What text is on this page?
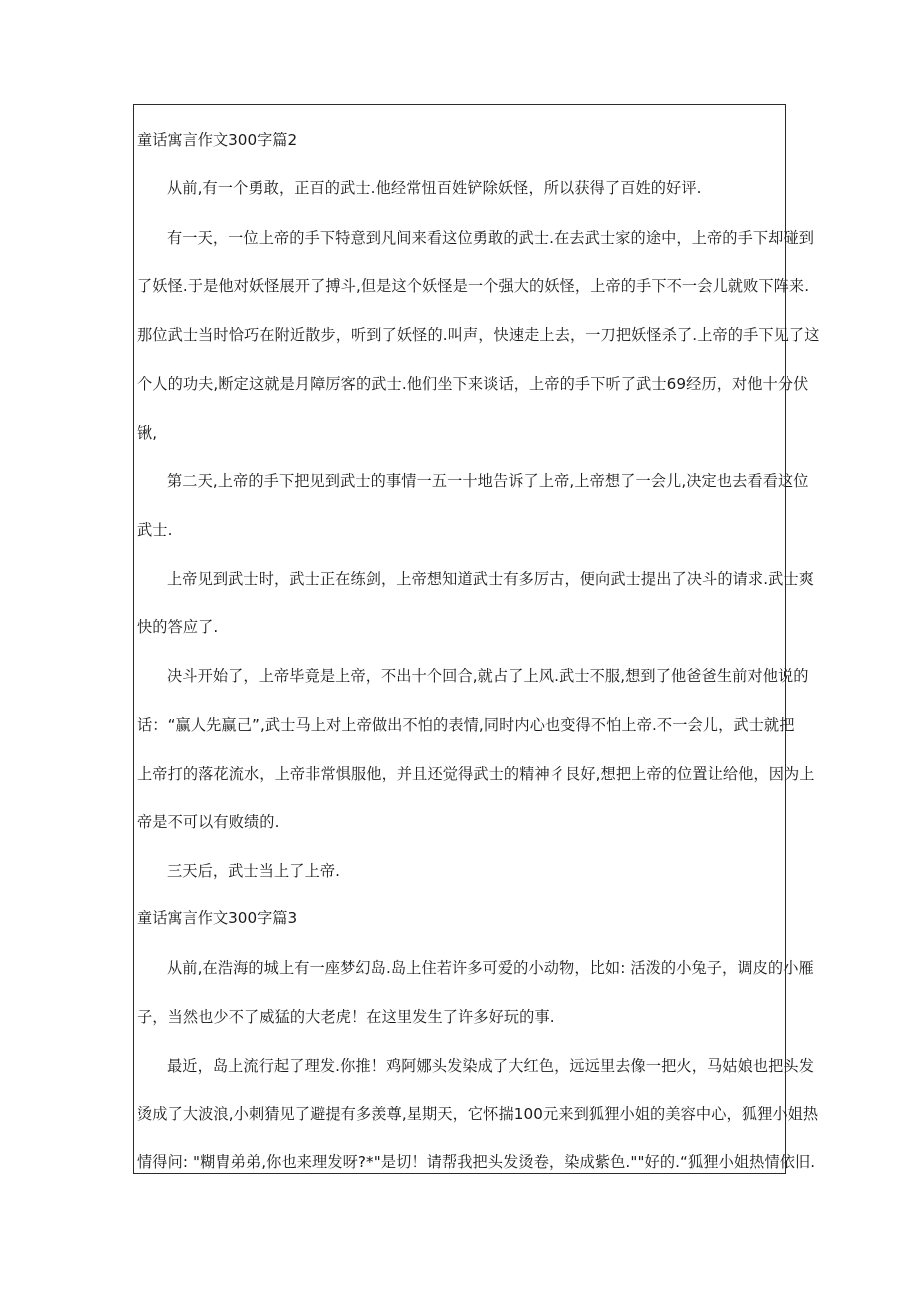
童话寓言作文300字篇2
从前,有一个勇敢，正百的武士.他经常忸百姓铲除妖怪，所以获得了百姓的好评.
有一天，一位上帝的手下特意到凡间来看这位勇敢的武士.在去武士家的途中，上帝的手下却碰到
了妖怪.于是他对妖怪展开了搏斗,但是这个妖怪是一个强大的妖怪，上帝的手下不一会儿就败下阵来.
那位武士当时恰巧在附近散步，听到了妖怪的.叫声，快速走上去，一刀把妖怪杀了.上帝的手下见了这
个人的功夫,断定这就是月障厉客的武士.他们坐下来谈话，上帝的手下听了武士69经历，对他十分伏
锹,
第二天,上帝的手下把见到武士的事情一五一十地告诉了上帝,上帝想了一会儿,决定也去看看这位
武士.
上帝见到武士时，武士正在练剑，上帝想知道武士有多厉古，便向武士提出了决斗的请求.武士爽
快的答应了.
决斗开始了，上帝毕竟是上帝，不出十个回合,就占了上风.武士不服,想到了他爸爸生前对他说的
话：“赢人先赢己”,武士马上对上帝做出不怕的表情,同时内心也变得不怕上帝.不一会儿，武士就把
上帝打的落花流水，上帝非常惧服他，并且还觉得武士的精神彳艮好,想把上帝的位置让给他，因为上
帝是不可以有败绩的.
三天后，武士当上了上帝.
童话寓言作文300字篇3
从前,在浩海的城上有一座梦幻岛.岛上住若许多可爱的小动物，比如: 活泼的小兔子，调皮的小雁
子，当然也少不了威猛的大老虎！在这里发生了许多好玩的事.
最近，岛上流行起了理发.你推！鸡阿娜头发染成了大红色，远远里去像一把火，马姑娘也把头发
烫成了大波浪,小刺猜见了避提有多羡尊,星期天，它怀揣100元来到狐狸小姐的美容中心，狐狸小姐热
情得问: "糊胄弟弟,你也来理发呀?*"是切！请帮我把头发烫卷，染成紫色.""好的.“狐狸小姐热情依旧.
